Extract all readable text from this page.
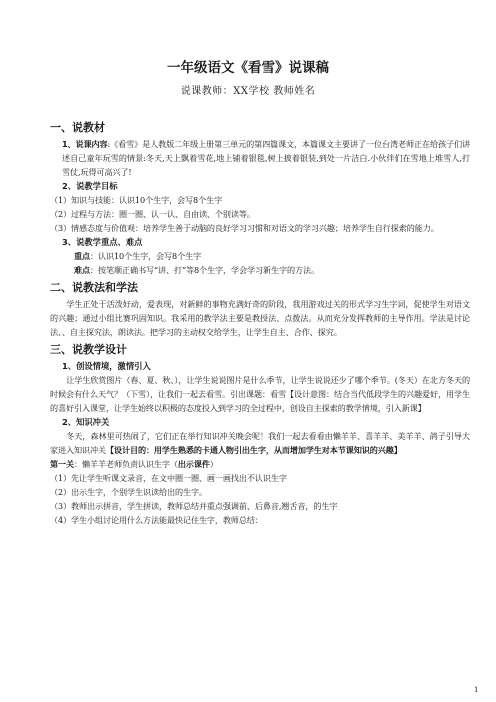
一年级语文《看雪》说课稿
说课教师：XX学校 教师姓名
一、说教材

1、说课内容:《看雪》是人教版二年级上册第三单元的第四篇课文，本篇课文主要讲了一位台湾老师正在给孩子们讲述自己童年玩雪的情景:冬天,天上飘着雪花,地上铺着银毯,树上披着银装,到处一片洁白.小伙伴们在雪地上堆雪人,打雪仗,玩得可高兴了!

2、说教学目标

（1）知识与技能：认识10个生字，会写8个生字

（2）过程与方法：圈一圈、认一认、自由读、个别读等。

（3）情感态度与价值观：培养学生善于动脑的良好学习习惯和对语文的学习兴趣；培养学生自行探索的能力。

3、说教学重点、难点

重点：认识10个生字，会写8个生字

难点：按笔顺正确书写“讲、打”等8个生字，学会学习新生字的方法。

二、说教法和学法

学生正处于活泼好动，爱表现，对新鲜的事物充满好奇的阶段，我用游戏过关的形式学习生字词，促使学生对语文的兴趣；通过小组比赛巩固知识。我采用的教学法主要是教授法、点拨法。从而充分发挥教师的主导作用。学法是讨论法、、自主探究法，朗读法。把学习的主动权交给学生，让学生自主、合作、探究。

三、说教学设计
1、创设情境，激情引入

让学生欣赏图片（春、夏、秋、），让学生说说图片是什么季节，让学生说说还少了哪个季节。(冬天）在北方冬天的时候会有什么天气？（下雪），让我们一起去看雪。引出课题：看雪【设计意图：结合当代低段学生的兴趣爱好，用学生的喜好引入课堂，让学生始终以积极的态度投入到学习的全过程中，创设自主探索的教学情境，引入新课】

2、知识冲关

冬天，森林里可热闹了，它们正在举行知识冲关晚会呢！我们一起去看看由懒羊羊、喜羊羊、美羊羊、鸽子引导大家进入知识冲关【设计目的：用学生熟悉的卡通人物引出生字，从而增加学生对本节课知识的兴趣】

第一关：懒羊羊老师负责认识生字（出示课件）

（1）先让学生听课文录音，在文中圈一圈、画一画找出不认识生字

（2）出示生字，个别学生识读给出的生字。

（3）教师出示拼音，学生拼读，教师总结并重点强调前、后鼻音,翘舌音，的生字

（4）学生小组讨论用什么方法能最快记住生字，教师总结：

1
